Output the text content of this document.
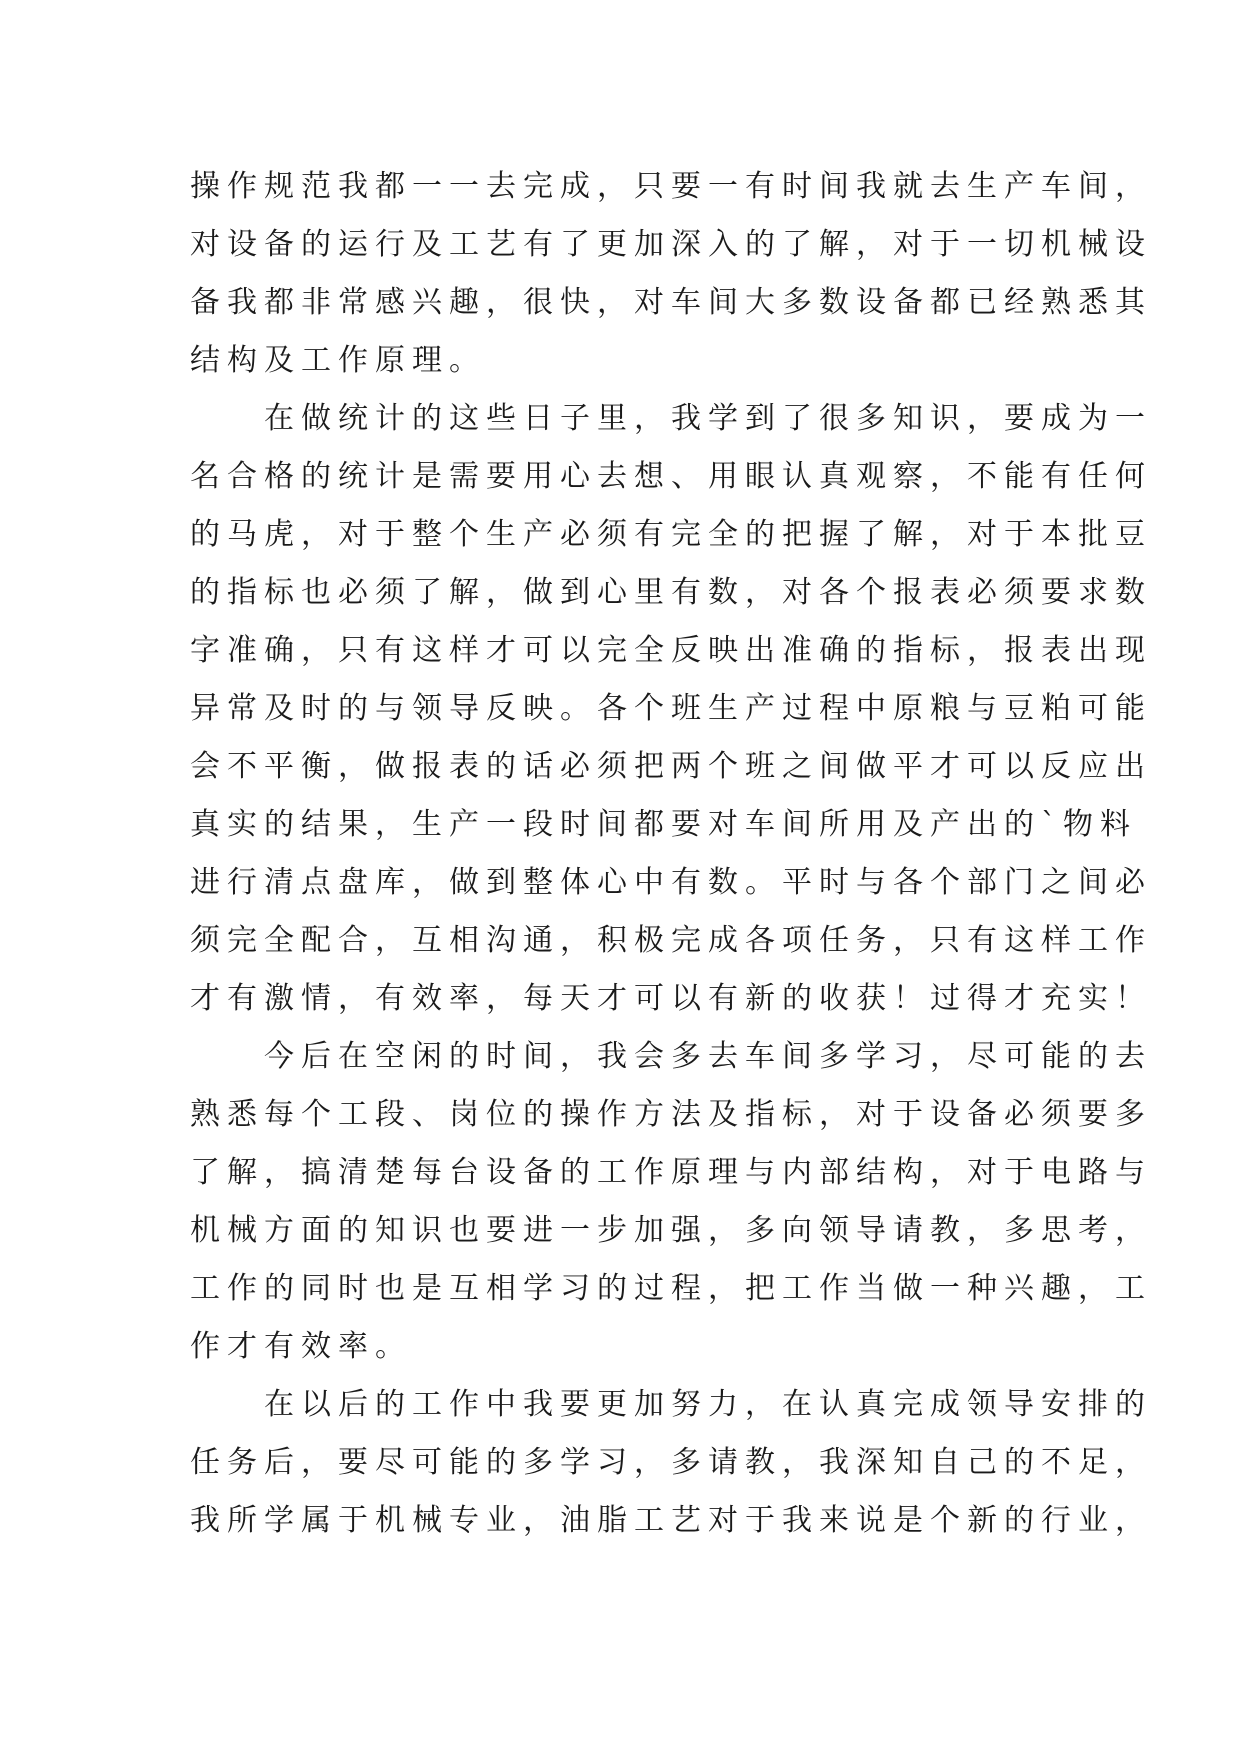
操作规范我都一一去完成，只要一有时间我就去生产车间，
对设备的运行及工艺有了更加深入的了解，对于一切机械设
备我都非常感兴趣，很快，对车间大多数设备都已经熟悉其
结构及工作原理。
　　在做统计的这些日子里，我学到了很多知识，要成为一
名合格的统计是需要用心去想、用眼认真观察，不能有任何
的马虎，对于整个生产必须有完全的把握了解，对于本批豆
的指标也必须了解，做到心里有数，对各个报表必须要求数
字准确，只有这样才可以完全反映出准确的指标，报表出现
异常及时的与领导反映。各个班生产过程中原粮与豆粕可能
会不平衡，做报表的话必须把两个班之间做平才可以反应出
真实的结果，生产一段时间都要对车间所用及产出的`物料
进行清点盘库，做到整体心中有数。平时与各个部门之间必
须完全配合，互相沟通，积极完成各项任务，只有这样工作
才有激情，有效率，每天才可以有新的收获！过得才充实！
　　今后在空闲的时间，我会多去车间多学习，尽可能的去
熟悉每个工段、岗位的操作方法及指标，对于设备必须要多
了解，搞清楚每台设备的工作原理与内部结构，对于电路与
机械方面的知识也要进一步加强，多向领导请教，多思考，
工作的同时也是互相学习的过程，把工作当做一种兴趣，工
作才有效率。
　　在以后的工作中我要更加努力，在认真完成领导安排的
任务后，要尽可能的多学习，多请教，我深知自己的不足，
我所学属于机械专业，油脂工艺对于我来说是个新的行业，
